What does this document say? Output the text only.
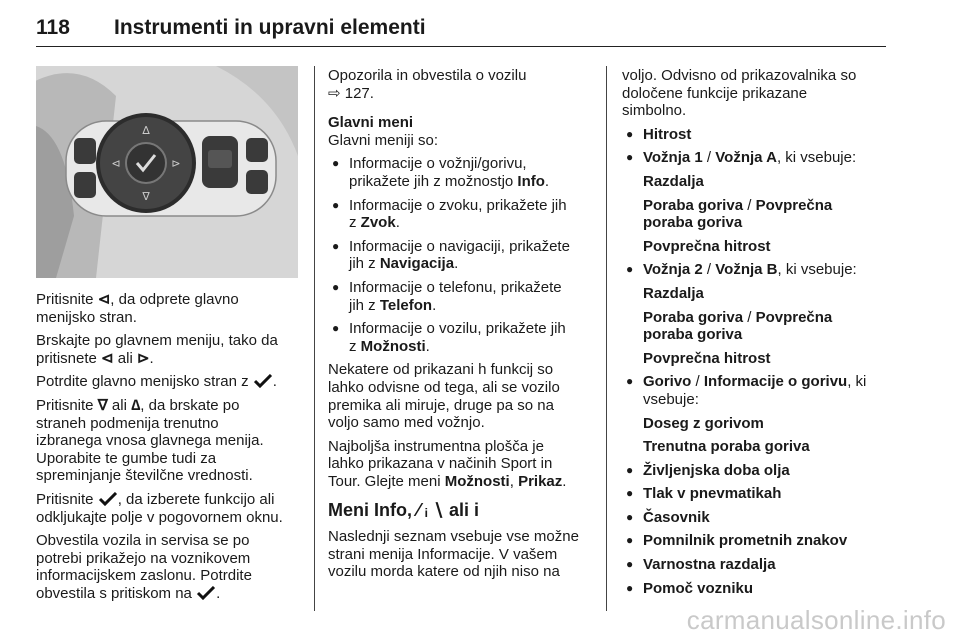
118 Instrumenti in upravni elementi
∆
∇
⊲	⊳

Pritisnite ⊲, da odprete glavno
menijsko stran.

Brskajte po glavnem meniju, tako da
pritisnete ⊲ ali ⊳.

Potrdite glavno menijsko stran z .

Pritisnite ∇ ali ∆, da brskate po
straneh podmenija trenutno
izbranega vnosa glavnega menija.
Uporabite te gumbe tudi za
spreminjanje številčne vrednosti.

Pritisnite , da izberete funkcijo ali
odkljukajte polje v pogovornem oknu.

Obvestila vozila in servisa se po
potrebi prikažejo na voznikovem
informacijskem zaslonu. Potrdite
obvestila s pritiskom na .

Opozorila in obvestila o vozilu
⇨ 127.

Glavni meni

Glavni meniji so:

● Informacije o vožnji/gorivu,
prikažete jih z možnostjo Info.

● Informacije o zvoku, prikažete jih
z Zvok.

● Informacije o navigaciji, prikažete
jih z Navigacija.

● Informacije o telefonu, prikažete
jih z Telefon.

● Informacije o vozilu, prikažete jih
z Možnosti.

Nekatere od prikazani h funkcij so
lahko odvisne od tega, ali se vozilo
premika ali miruje, druge pa so na
voljo samo med vožnjo.

Najboljša instrumentna plošča je
lahko prikazana v načinih Sport in
Tour. Glejte meni Možnosti, Prikaz.

Meni Info, ⁄ ᵢ ∖ ali i

Naslednji seznam vsebuje vse možne
strani menija Informacije. V vašem
vozilu morda katere od njih niso na

voljo. Odvisno od prikazovalnika so
določene funkcije prikazane
simbolno.

● Hitrost

● Vožnja 1 / Vožnja A, ki vsebuje:

Razdalja

Poraba goriva / Povprečna
poraba goriva

Povprečna hitrost

● Vožnja 2 / Vožnja B, ki vsebuje:

Razdalja

Poraba goriva / Povprečna
poraba goriva

Povprečna hitrost

● Gorivo / Informacije o gorivu, ki
vsebuje:

Doseg z gorivom

Trenutna poraba goriva

● Življenjska doba olja

● Tlak v pnevmatikah

● Časovnik

● Pomnilnik prometnih znakov

● Varnostna razdalja

● Pomoč vozniku

carmanualsonline.info
